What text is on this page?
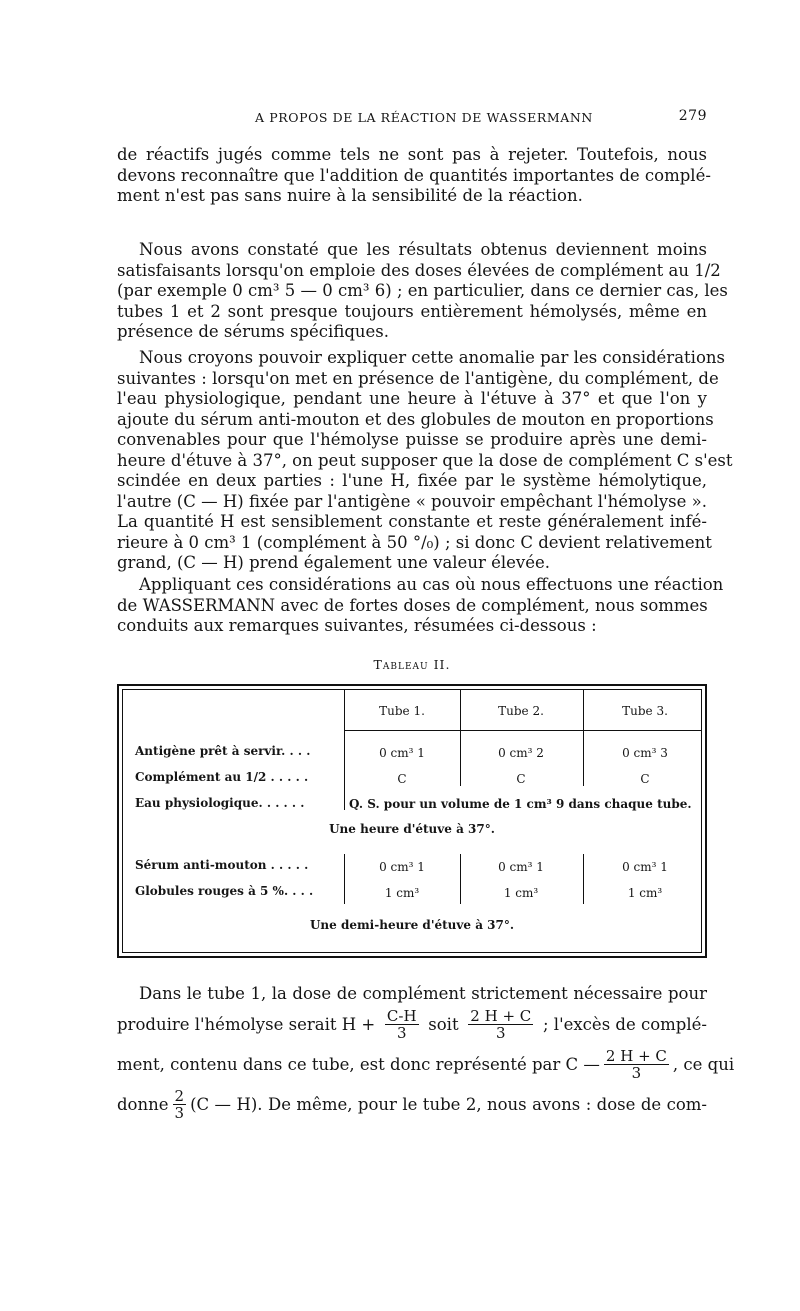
A PROPOS DE LA RÉACTION DE WASSERMANN	279
de réactifs jugés comme tels ne sont pas à rejeter. Toutefois, nous
devons reconnaître que l'addition de quantités importantes de complé-
ment n'est pas sans nuire à la sensibilité de la réaction.
Nous avons constaté que les résultats obtenus deviennent moins
satisfaisants lorsqu'on emploie des doses élevées de complément au 1/2
(par exemple 0 cm³ 5 — 0 cm³ 6) ; en particulier, dans ce dernier cas, les
tubes 1 et 2 sont presque toujours entièrement hémolysés, même en
présence de sérums spécifiques.
Nous croyons pouvoir expliquer cette anomalie par les considérations
suivantes : lorsqu'on met en présence de l'antigène, du complément, de
l'eau physiologique, pendant une heure à l'étuve à 37° et que l'on y
ajoute du sérum anti-mouton et des globules de mouton en proportions
convenables pour que l'hémolyse puisse se produire après une demi-
heure d'étuve à 37°, on peut supposer que la dose de complément C s'est
scindée en deux parties : l'une H, fixée par le système hémolytique,
l'autre (C — H) fixée par l'antigène « pouvoir empêchant l'hémolyse ».
La quantité H est sensiblement constante et reste généralement infé-
rieure à 0 cm³ 1 (complément à 50 °/₀) ; si donc C devient relativement
grand, (C — H) prend également une valeur élevée.
Appliquant ces considérations au cas où nous effectuons une réaction
de WASSERMANN avec de fortes doses de complément, nous sommes
conduits aux remarques suivantes, résumées ci-dessous :
Tableau II.
Tube 1.	Tube 2.	Tube 3.
Antigène prêt à servir. . . .	0 cm³ 1	0 cm³ 2	0 cm³ 3
Complément au 1/2 . . . . .	C	C	C
Eau physiologique. . . . . .	Q. S. pour un volume de 1 cm³ 9 dans chaque tube.
Une heure d'étuve à 37°.
Sérum anti-mouton . . . . .	0 cm³ 1	0 cm³ 1	0 cm³ 1
Globules rouges à 5 %. . . .	1 cm³	1 cm³	1 cm³
Une demi-heure d'étuve à 37°.
Dans le tube 1, la dose de complément strictement nécessaire pour
produire l'hémolyse serait $H + \frac{C-H}{3}$ soit $\frac{2 H + C}{3}$ ; l'excès de complé-
ment, contenu dans ce tube, est donc représenté par C — $\frac{2 H + C}{3}$ , ce qui
donne $\frac{2}{3} (C$ — H). De même, pour le tube 2, nous avons : dose de com-
